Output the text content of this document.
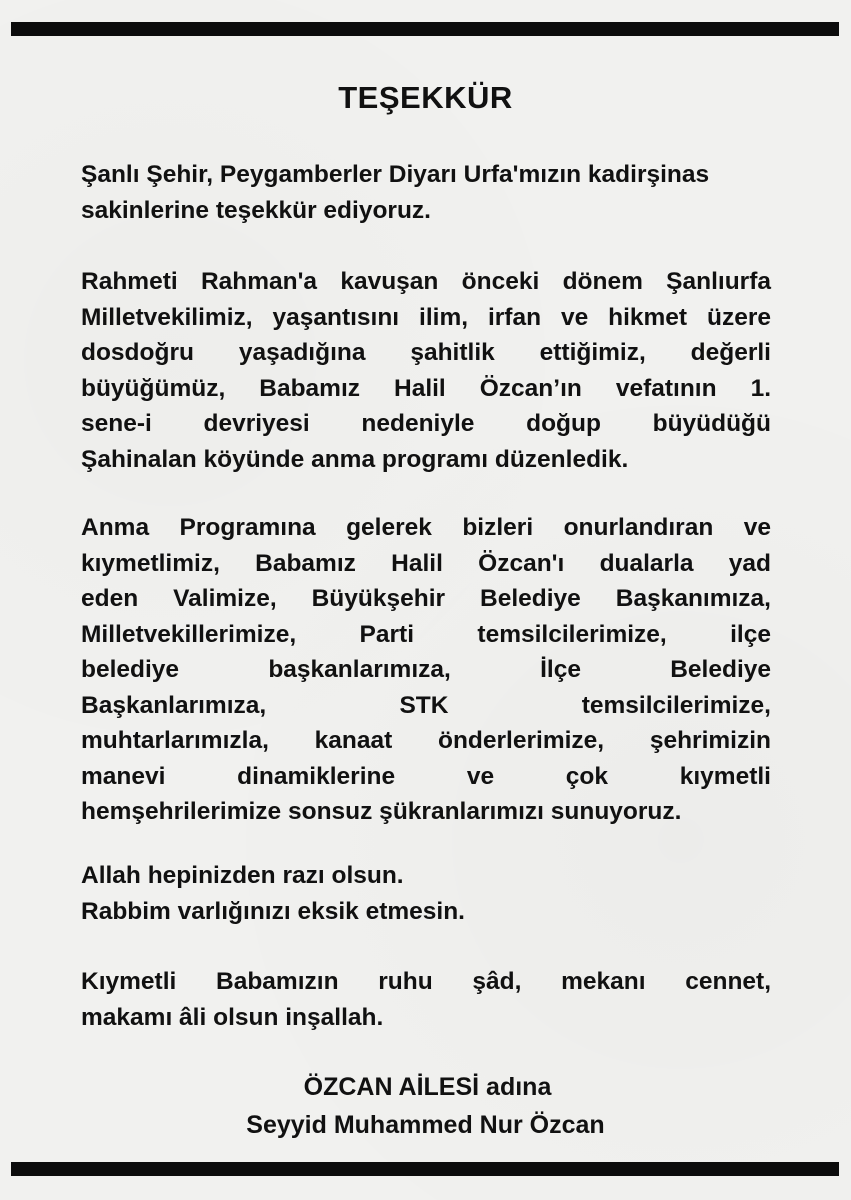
TEŞEKKÜR
Şanlı Şehir, Peygamberler Diyarı Urfa'mızın kadirşinas
sakinlerine teşekkür ediyoruz.
Rahmeti Rahman'a kavuşan önceki dönem Şanlıurfa
Milletvekilimiz, yaşantısını ilim, irfan ve hikmet üzere
dosdoğru yaşadığına şahitlik ettiğimiz, değerli
büyüğümüz, Babamız Halil Özcan’ın vefatının 1.
sene-i devriyesi nedeniyle doğup büyüdüğü
Şahinalan köyünde anma programı düzenledik.
Anma Programına gelerek bizleri onurlandıran ve
kıymetlimiz, Babamız Halil Özcan'ı dualarla yad
eden Valimize, Büyükşehir Belediye Başkanımıza,
Milletvekillerimize, Parti temsilcilerimize, ilçe
belediye başkanlarımıza, İlçe Belediye
Başkanlarımıza, STK temsilcilerimize,
muhtarlarımızla, kanaat önderlerimize, şehrimizin
manevi dinamiklerine ve çok kıymetli
hemşehrilerimize sonsuz şükranlarımızı sunuyoruz.
Allah hepinizden razı olsun.
Rabbim varlığınızı eksik etmesin.
Kıymetli Babamızın ruhu şâd, mekanı cennet,
makamı âli olsun inşallah.

ÖZCAN AİLESİ adına

Seyyid Muhammed Nur Özcan
